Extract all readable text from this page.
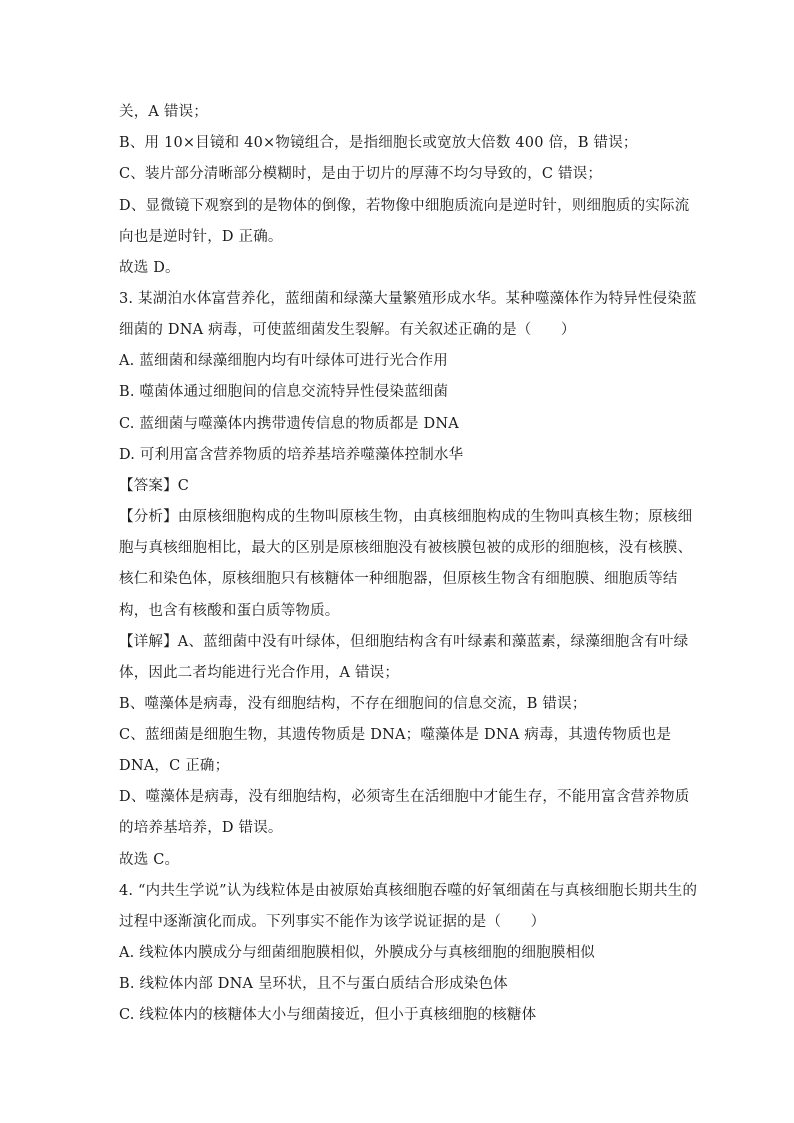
关，A 错误；
B、用 10×目镜和 40×物镜组合，是指细胞长或宽放大倍数 400 倍，B 错误；
C、装片部分清晰部分模糊时，是由于切片的厚薄不均匀导致的，C 错误；
D、显微镜下观察到的是物体的倒像，若物像中细胞质流向是逆时针，则细胞质的实际流
向也是逆时针，D 正确。
故选 D。
3. 某湖泊水体富营养化，蓝细菌和绿藻大量繁殖形成水华。某种噬藻体作为特异性侵染蓝
细菌的 DNA 病毒，可使蓝细菌发生裂解。有关叙述正确的是（　　）
A. 蓝细菌和绿藻细胞内均有叶绿体可进行光合作用
B. 噬菌体通过细胞间的信息交流特异性侵染蓝细菌
C. 蓝细菌与噬藻体内携带遗传信息的物质都是 DNA
D. 可利用富含营养物质的培养基培养噬藻体控制水华
【答案】C
【分析】由原核细胞构成的生物叫原核生物，由真核细胞构成的生物叫真核生物；原核细
胞与真核细胞相比，最大的区别是原核细胞没有被核膜包被的成形的细胞核，没有核膜、
核仁和染色体，原核细胞只有核糖体一种细胞器，但原核生物含有细胞膜、细胞质等结
构，也含有核酸和蛋白质等物质。
【详解】A、蓝细菌中没有叶绿体，但细胞结构含有叶绿素和藻蓝素，绿藻细胞含有叶绿
体，因此二者均能进行光合作用，A 错误；
B、噬藻体是病毒，没有细胞结构，不存在细胞间的信息交流，B 错误；
C、蓝细菌是细胞生物，其遗传物质是 DNA；噬藻体是 DNA 病毒，其遗传物质也是
DNA，C 正确；
D、噬藻体是病毒，没有细胞结构，必须寄生在活细胞中才能生存，不能用富含营养物质
的培养基培养，D 错误。
故选 C。
4. “内共生学说”认为线粒体是由被原始真核细胞吞噬的好氧细菌在与真核细胞长期共生的
过程中逐渐演化而成。下列事实不能作为该学说证据的是（　　）
A. 线粒体内膜成分与细菌细胞膜相似，外膜成分与真核细胞的细胞膜相似
B. 线粒体内部 DNA 呈环状，且不与蛋白质结合形成染色体
C. 线粒体内的核糖体大小与细菌接近，但小于真核细胞的核糖体
